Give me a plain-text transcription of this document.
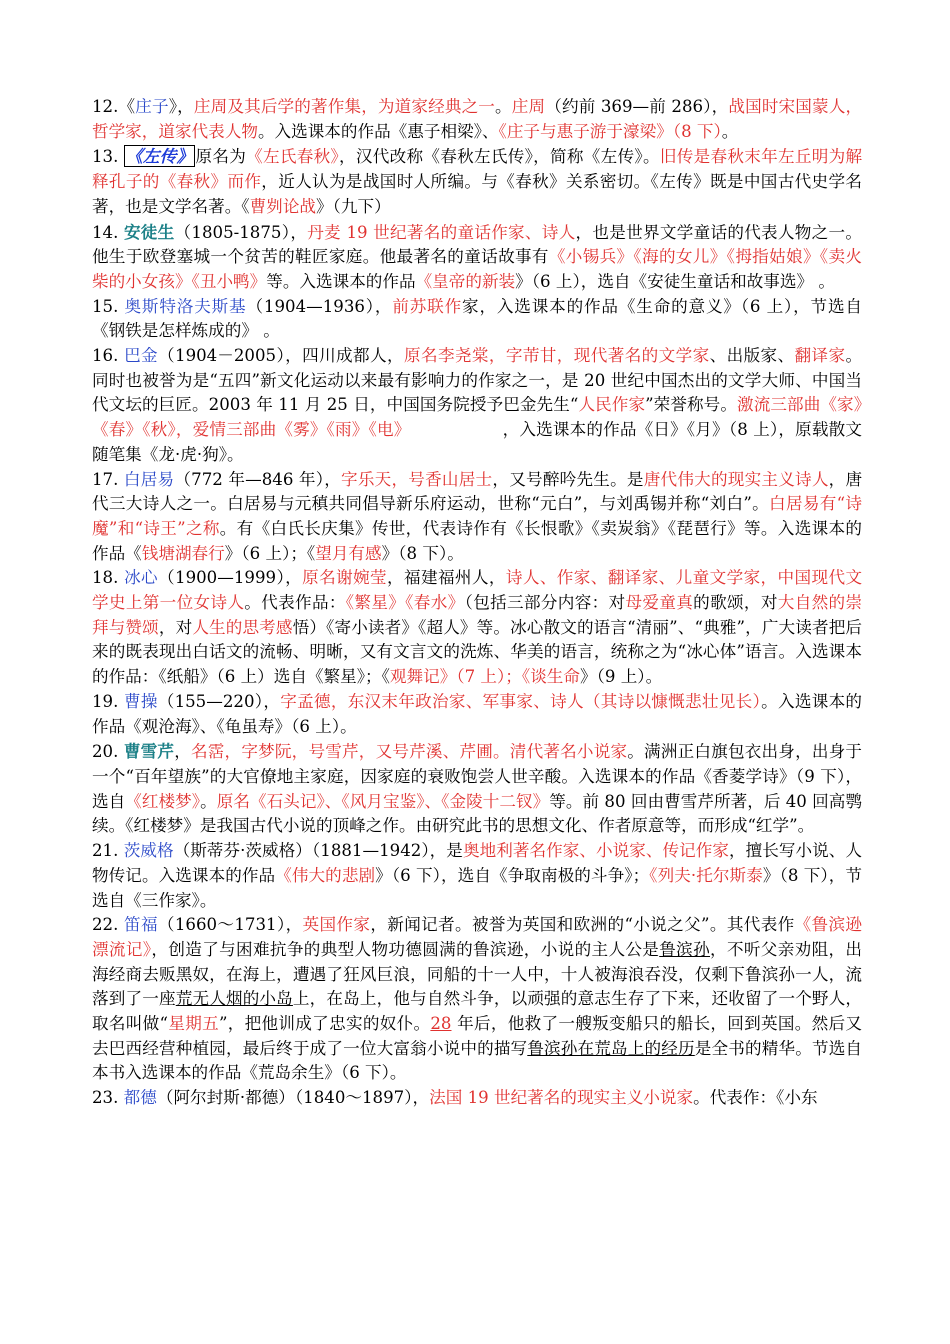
12.《庄子》，庄周及其后学的著作集，为道家经典之一。庄周（约前 369—前 286），战国时宋国蒙人，哲学家，道家代表人物。入选课本的作品《惠子相梁》、《庄子与惠子游于濠梁》（8 下）。

13. 《左传》 原名为《左氏春秋》，汉代改称《春秋左氏传》，简称《左传》。旧传是春秋末年左丘明为解释孔子的《春秋》而作，近人认为是战国时人所编。与《春秋》关系密切。《左传》既是中国古代史学名著，也是文学名著。《曹刿论战》（九下）

14. 安徒生（1805-1875），丹麦 19 世纪著名的童话作家、诗人，也是世界文学童话的代表人物之一。他生于欧登塞城一个贫苦的鞋匠家庭。他最著名的童话故事有《小锡兵》《海的女儿》《拇指姑娘》《卖火柴的小女孩》《丑小鸭》等。入选课本的作品《皇帝的新装》（6 上），选自《安徒生童话和故事选》 。

15. 奥斯特洛夫斯基（1904—1936），前苏联作家，入选课本的作品《生命的意义》（6 上），节选自《钢铁是怎样炼成的》 。

16. 巴金（1904－2005），四川成都人，原名李尧棠，字芾甘，现代著名的文学家、出版家、翻译家。同时也被誉为是“五四”新文化运动以来最有影响力的作家之一，是 20 世纪中国杰出的文学大师、中国当代文坛的巨匠。2003 年 11 月 25 日，中国国务院授予巴金先生“人民作家”荣誉称号。激流三部曲《家》《春》《秋》，爱情三部曲《雾》《雨》《电》	，入选课本的作品《日》《月》（8 上），原载散文随笔集《龙·虎·狗》。

17. 白居易（772 年—846 年），字乐天，号香山居士，又号醉吟先生。是唐代伟大的现实主义诗人，唐代三大诗人之一。白居易与元稹共同倡导新乐府运动，世称“元白”，与刘禹锡并称“刘白”。白居易有“诗魔”和“诗王”之称。有《白氏长庆集》传世，代表诗作有《长恨歌》《卖炭翁》《琵琶行》等。入选课本的作品《钱塘湖春行》（6 上）；《望月有感》（8 下）。

18. 冰心（1900—1999），原名谢婉莹，福建福州人，诗人、作家、翻译家、儿童文学家，中国现代文学史上第一位女诗人。代表作品：《繁星》《春水》（包括三部分内容：对母爱童真的歌颂，对大自然的崇拜与赞颂，对人生的思考感悟）《寄小读者》《超人》等。冰心散文的语言“清丽”、“典雅”，广大读者把后来的既表现出白话文的流畅、明晰，又有文言文的洗炼、华美的语言，统称之为“冰心体”语言。入选课本的作品：《纸船》（6 上）选自《繁星》；《观舞记》（7 上）；《谈生命》（9 上）。

19. 曹操（155—220），字孟德，东汉末年政治家、军事家、诗人（其诗以慷慨悲壮见长）。入选课本的作品《观沧海》、《龟虽寿》（6 上）。

20. 曹雪芹，名霑，字梦阮，号雪芹，又号芹溪、芹圃。清代著名小说家。满洲正白旗包衣出身，出身于一个“百年望族”的大官僚地主家庭，因家庭的衰败饱尝人世辛酸。入选课本的作品《香菱学诗》（9 下），选自《红楼梦》。原名《石头记》、《风月宝鉴》、《金陵十二钗》等。前 80 回由曹雪芹所著，后 40 回高鹗续。《红楼梦》是我国古代小说的顶峰之作。由研究此书的思想文化、作者原意等，而形成“红学”。

21. 茨威格（斯蒂芬·茨威格）（1881—1942），是奥地利著名作家、小说家、传记作家，擅长写小说、人物传记。入选课本的作品《伟大的悲剧》（6 下），选自《争取南极的斗争》；《列夫·托尔斯泰》（8 下），节选自《三作家》。

22. 笛福（1660～1731），英国作家，新闻记者。被誉为英国和欧洲的“小说之父”。其代表作《鲁滨逊漂流记》，创造了与困难抗争的典型人物功德圆满的鲁滨逊，小说的主人公是鲁滨孙，不听父亲劝阻，出海经商去贩黑奴，在海上，遭遇了狂风巨浪，同船的十一人中，十人被海浪吞没，仅剩下鲁滨孙一人，流落到了一座荒无人烟的小岛上，在岛上，他与自然斗争，以顽强的意志生存了下来，还收留了一个野人，取名叫做“星期五”，把他训成了忠实的奴仆。28 年后，他救了一艘叛变船只的船长，回到英国。然后又去巴西经营种植园，最后终于成了一位大富翁小说中的描写鲁滨孙在荒岛上的经历是全书的精华。节选自本书入选课本的作品《荒岛余生》（6 下）。

23. 都德（阿尔封斯·都德）（1840～1897），法国 19 世纪著名的现实主义小说家。代表作：《小东
